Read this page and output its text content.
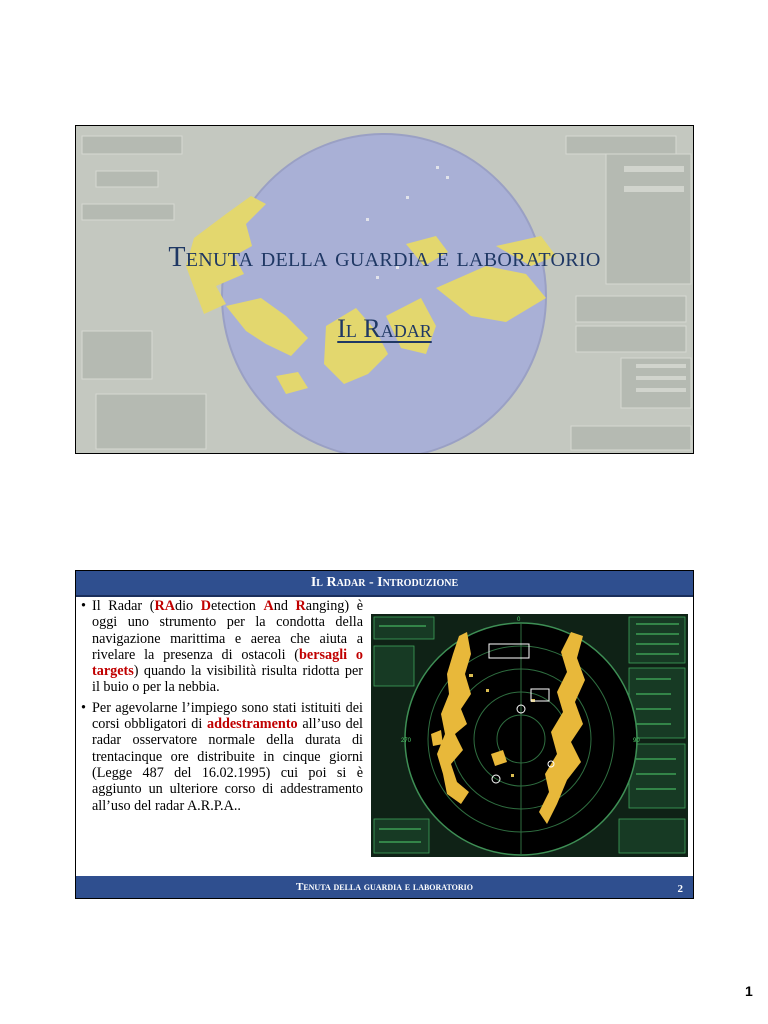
Tenuta della guardia e laboratorio
Il Radar
Il Radar - Introduzione
• Il Radar (RAdio Detection And Ranging) è oggi uno strumento per la condotta della navigazione marittima e aerea che aiuta a rivelare la presenza di ostacoli (bersagli o targets) quando la visibilità risulta ridotta per il buio o per la nebbia.
• Per agevolarne l’impiego sono stati istituiti dei corsi obbligatori di addestramento all’uso del radar osservatore normale della durata di trentacinque ore distribuite in cinque giorni (Legge 487 del 16.02.1995) cui poi si è aggiunto un ulteriore corso di addestramento all’uso del radar A.R.P.A..
0
270	90
Tenuta della guardia e laboratorio	2
1
